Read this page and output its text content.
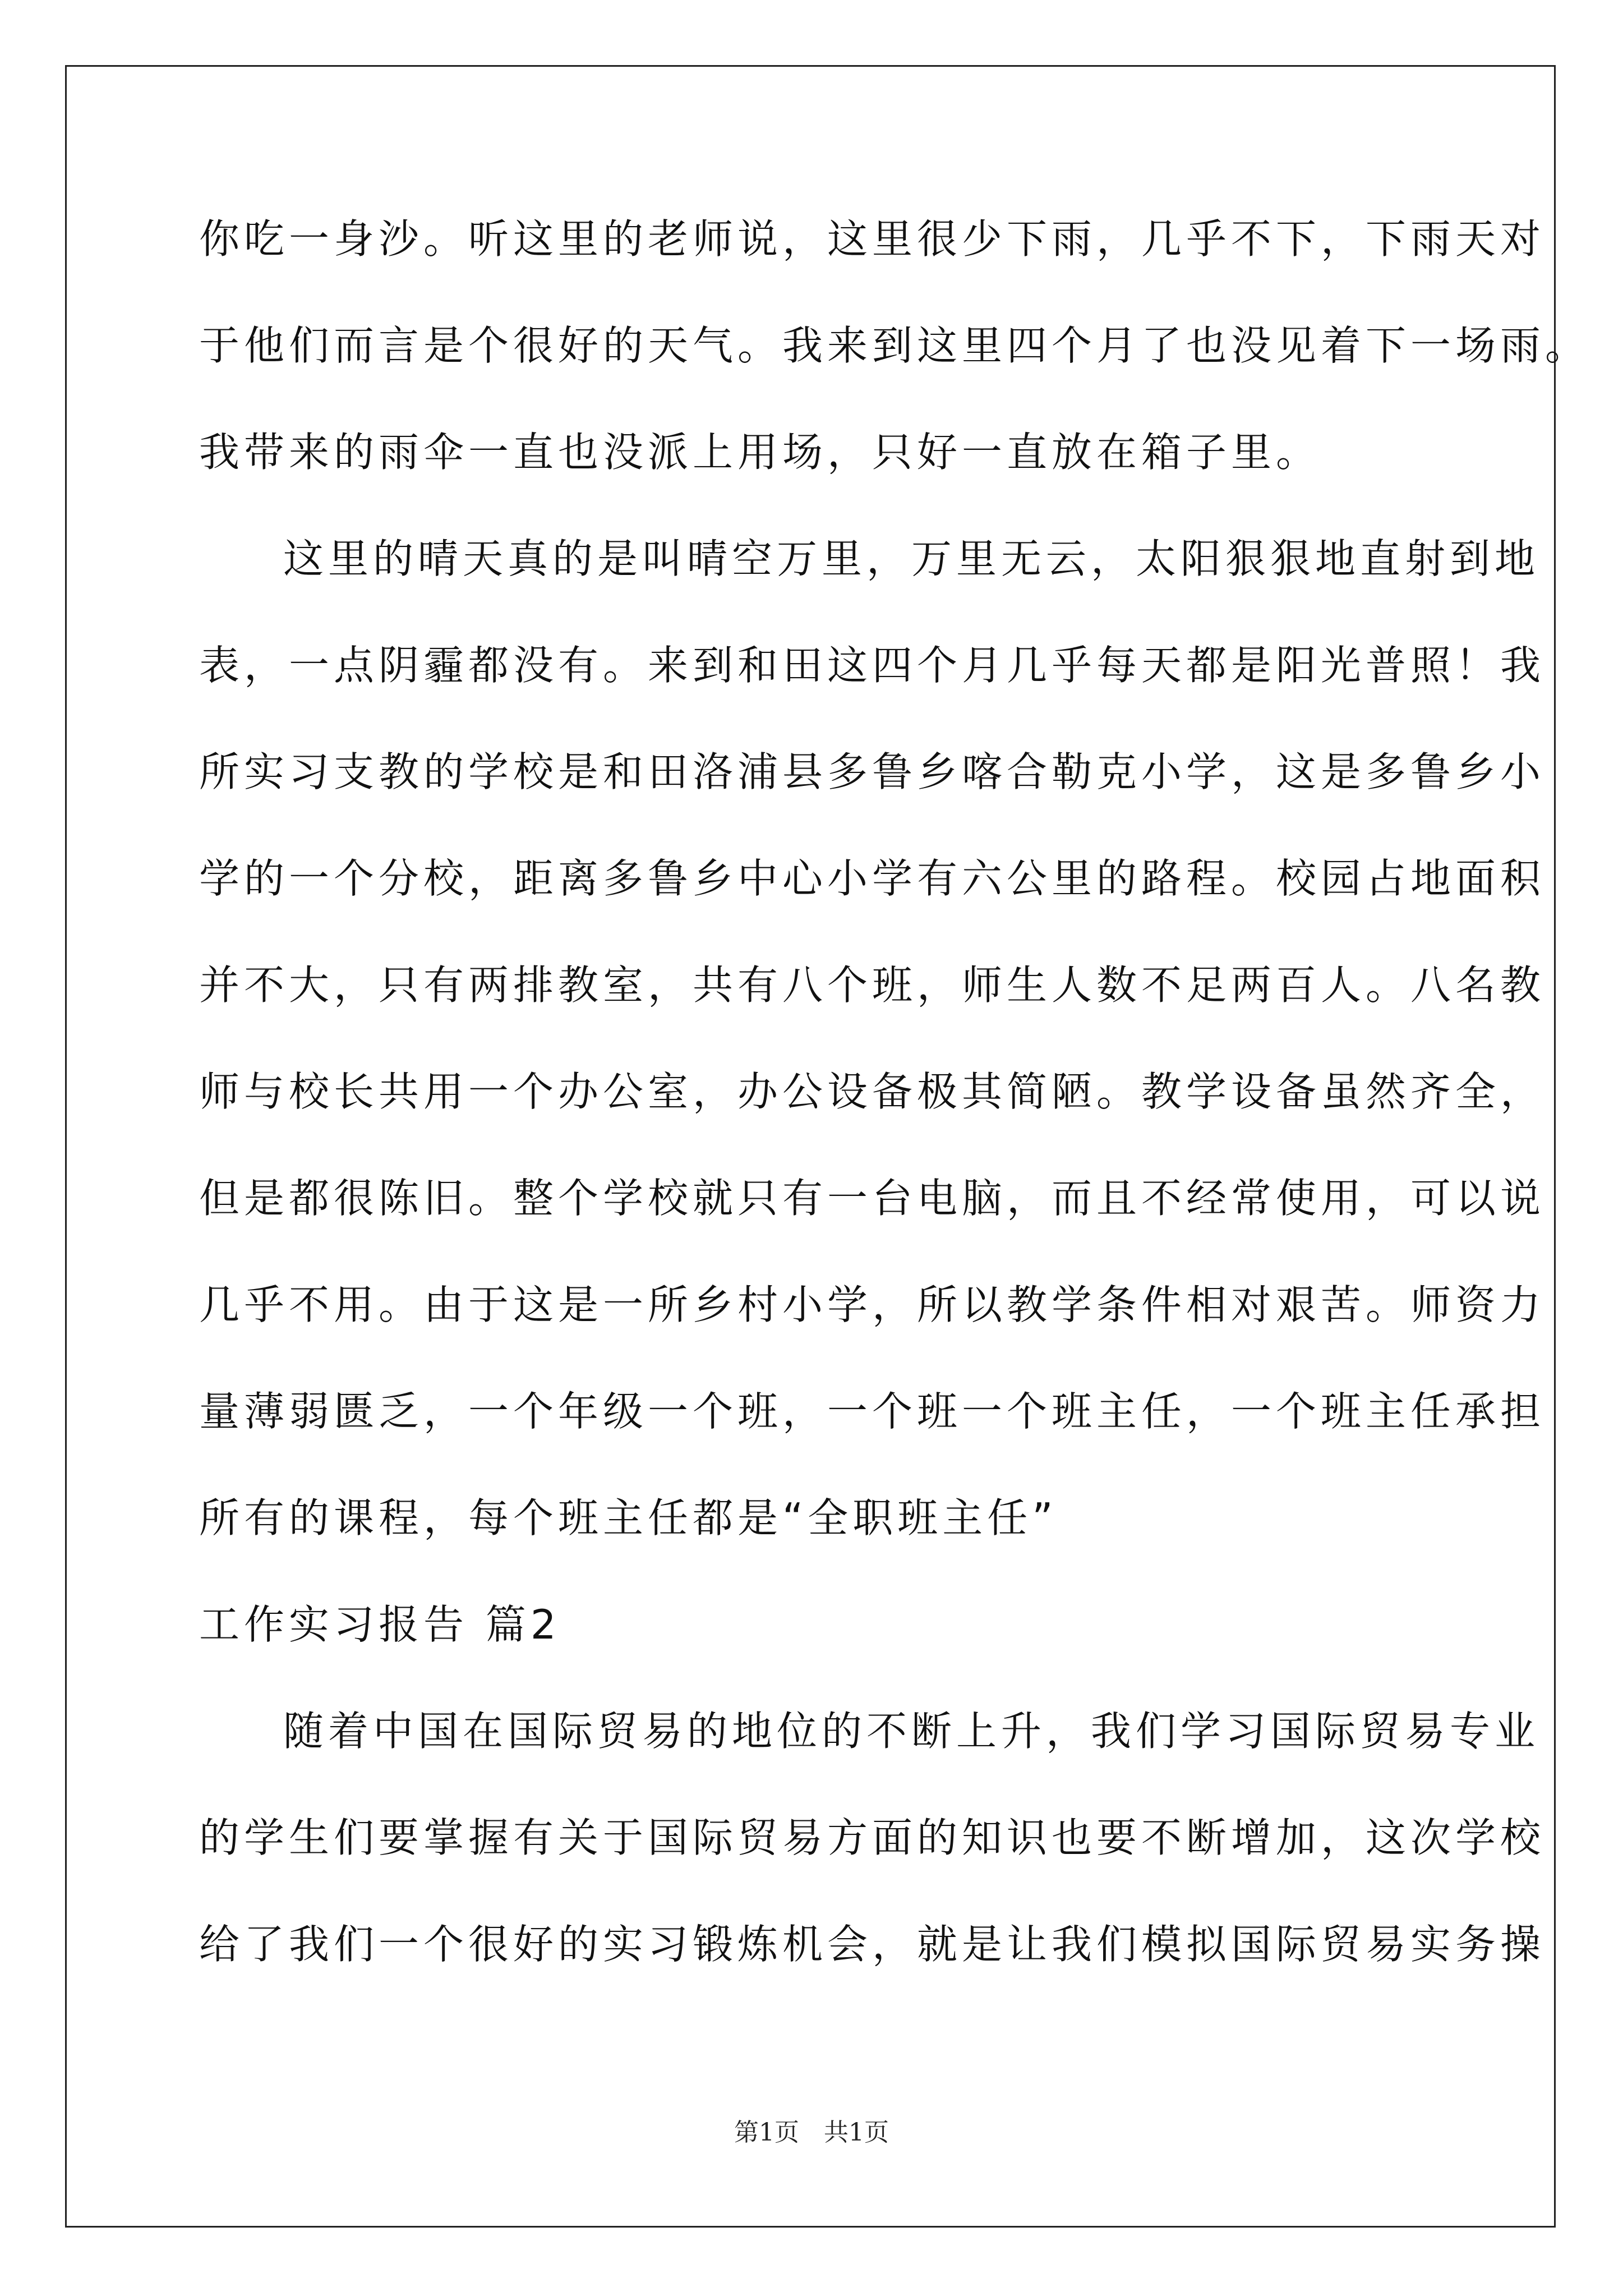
你吃一身沙。听这里的老师说，这里很少下雨，几乎不下，下雨天对
于他们而言是个很好的天气。我来到这里四个月了也没见着下一场雨。
我带来的雨伞一直也没派上用场，只好一直放在箱子里。
这里的晴天真的是叫晴空万里，万里无云，太阳狠狠地直射到地
表，一点阴霾都没有。来到和田这四个月几乎每天都是阳光普照！我
所实习支教的学校是和田洛浦县多鲁乡喀合勒克小学，这是多鲁乡小
学的一个分校，距离多鲁乡中心小学有六公里的路程。校园占地面积
并不大，只有两排教室，共有八个班，师生人数不足两百人。八名教
师与校长共用一个办公室，办公设备极其简陋。教学设备虽然齐全，
但是都很陈旧。整个学校就只有一台电脑，而且不经常使用，可以说
几乎不用。由于这是一所乡村小学，所以教学条件相对艰苦。师资力
量薄弱匮乏，一个年级一个班，一个班一个班主任，一个班主任承担
所有的课程，每个班主任都是“全职班主任”
工作实习报告 篇2
随着中国在国际贸易的地位的不断上升，我们学习国际贸易专业
的学生们要掌握有关于国际贸易方面的知识也要不断增加，这次学校
给了我们一个很好的实习锻炼机会，就是让我们模拟国际贸易实务操
第1页　共1页
